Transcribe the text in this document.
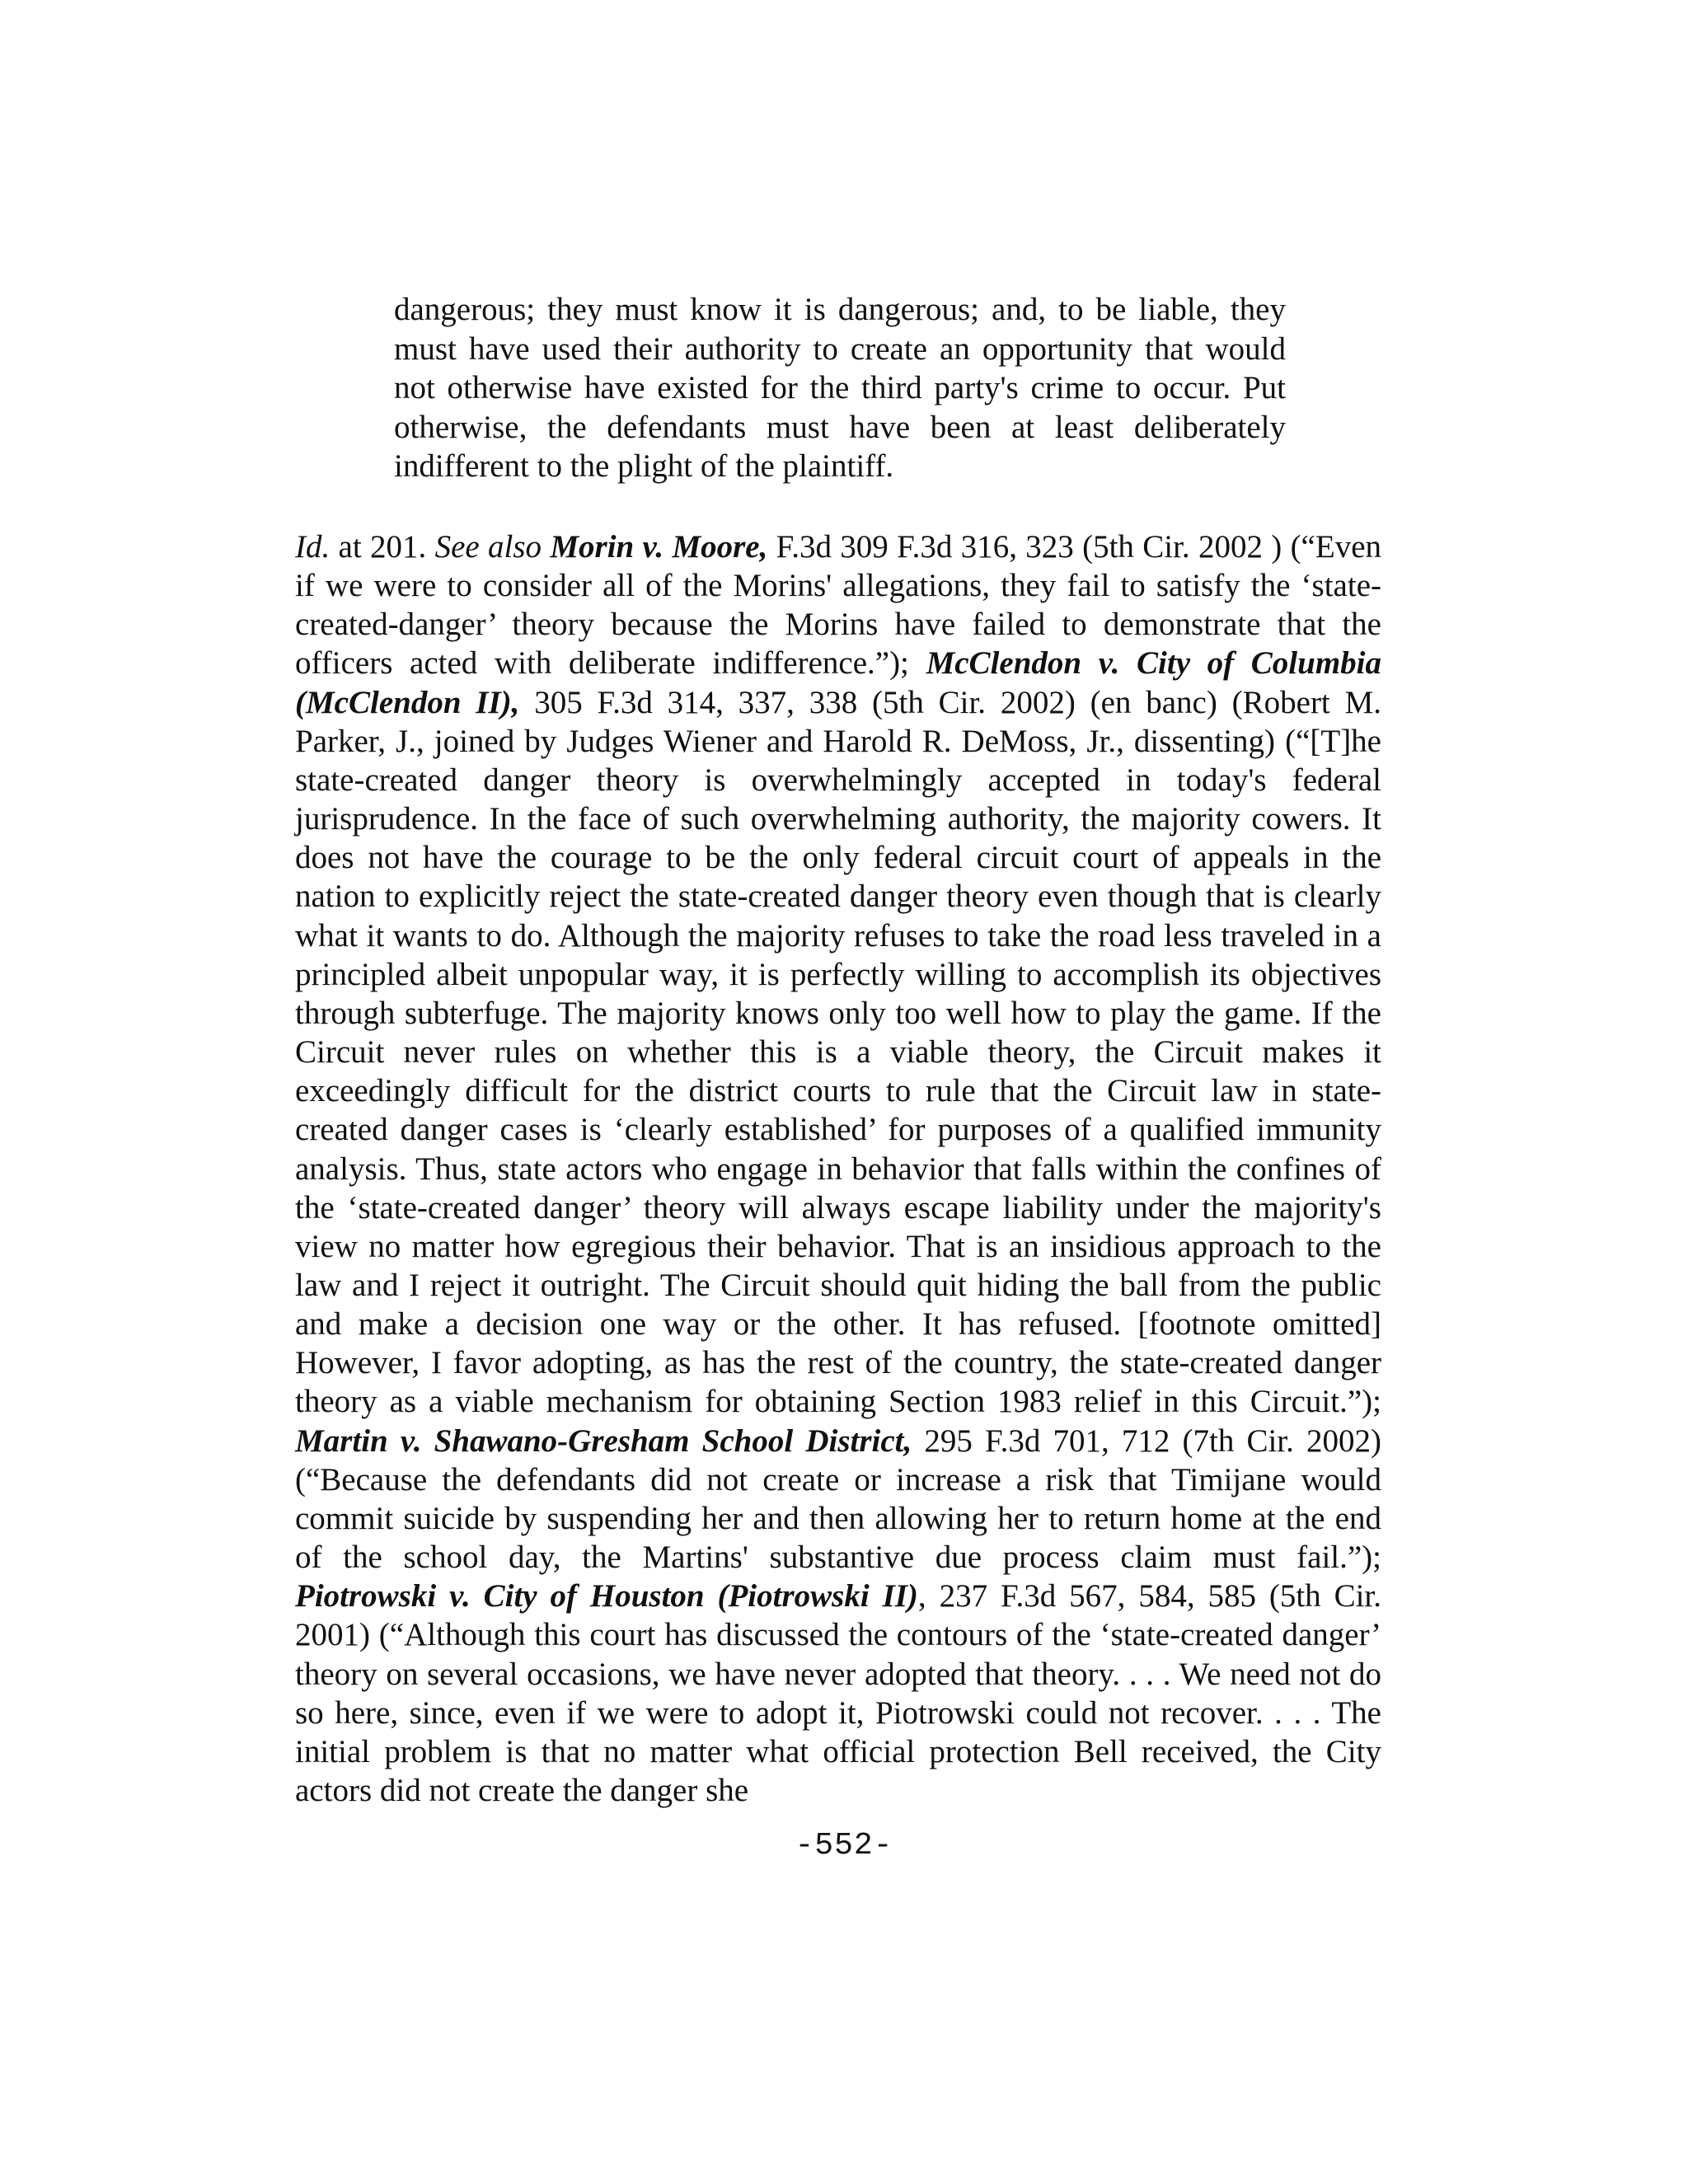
dangerous; they must know it is dangerous; and, to be liable, they must have used their authority to create an opportunity that would not otherwise have existed for the third party's crime to occur. Put otherwise, the defendants must have been at least deliberately indifferent to the plight of the plaintiff.
Id. at 201. See also Morin v. Moore, F.3d 309 F.3d 316, 323 (5th Cir. 2002 ) (“Even if we were to consider all of the Morins' allegations, they fail to satisfy the ‘state-created-danger’ theory because the Morins have failed to demonstrate that the officers acted with deliberate indifference.”); McClendon v. City of Columbia (McClendon II), 305 F.3d 314, 337, 338 (5th Cir. 2002) (en banc) (Robert M. Parker, J., joined by Judges Wiener and Harold R. DeMoss, Jr., dissenting) (“[T]he state-created danger theory is overwhelmingly accepted in today's federal jurisprudence. In the face of such overwhelming authority, the majority cowers. It does not have the courage to be the only federal circuit court of appeals in the nation to explicitly reject the state-created danger theory even though that is clearly what it wants to do. Although the majority refuses to take the road less traveled in a principled albeit unpopular way, it is perfectly willing to accomplish its objectives through subterfuge. The majority knows only too well how to play the game. If the Circuit never rules on whether this is a viable theory, the Circuit makes it exceedingly difficult for the district courts to rule that the Circuit law in state-created danger cases is ‘clearly established’ for purposes of a qualified immunity analysis. Thus, state actors who engage in behavior that falls within the confines of the ‘state-created danger’ theory will always escape liability under the majority's view no matter how egregious their behavior. That is an insidious approach to the law and I reject it outright. The Circuit should quit hiding the ball from the public and make a decision one way or the other. It has refused. [footnote omitted] However, I favor adopting, as has the rest of the country, the state-created danger theory as a viable mechanism for obtaining Section 1983 relief in this Circuit.”); Martin v. Shawano-Gresham School District, 295 F.3d 701, 712 (7th Cir. 2002) (“Because the defendants did not create or increase a risk that Timijane would commit suicide by suspending her and then allowing her to return home at the end of the school day, the Martins' substantive due process claim must fail.”); Piotrowski v. City of Houston (Piotrowski II), 237 F.3d 567, 584, 585 (5th Cir. 2001) (“Although this court has discussed the contours of the ‘state-created danger’ theory on several occasions, we have never adopted that theory. . . . We need not do so here, since, even if we were to adopt it, Piotrowski could not recover. . . . The initial problem is that no matter what official protection Bell received, the City actors did not create the danger she
-552-
